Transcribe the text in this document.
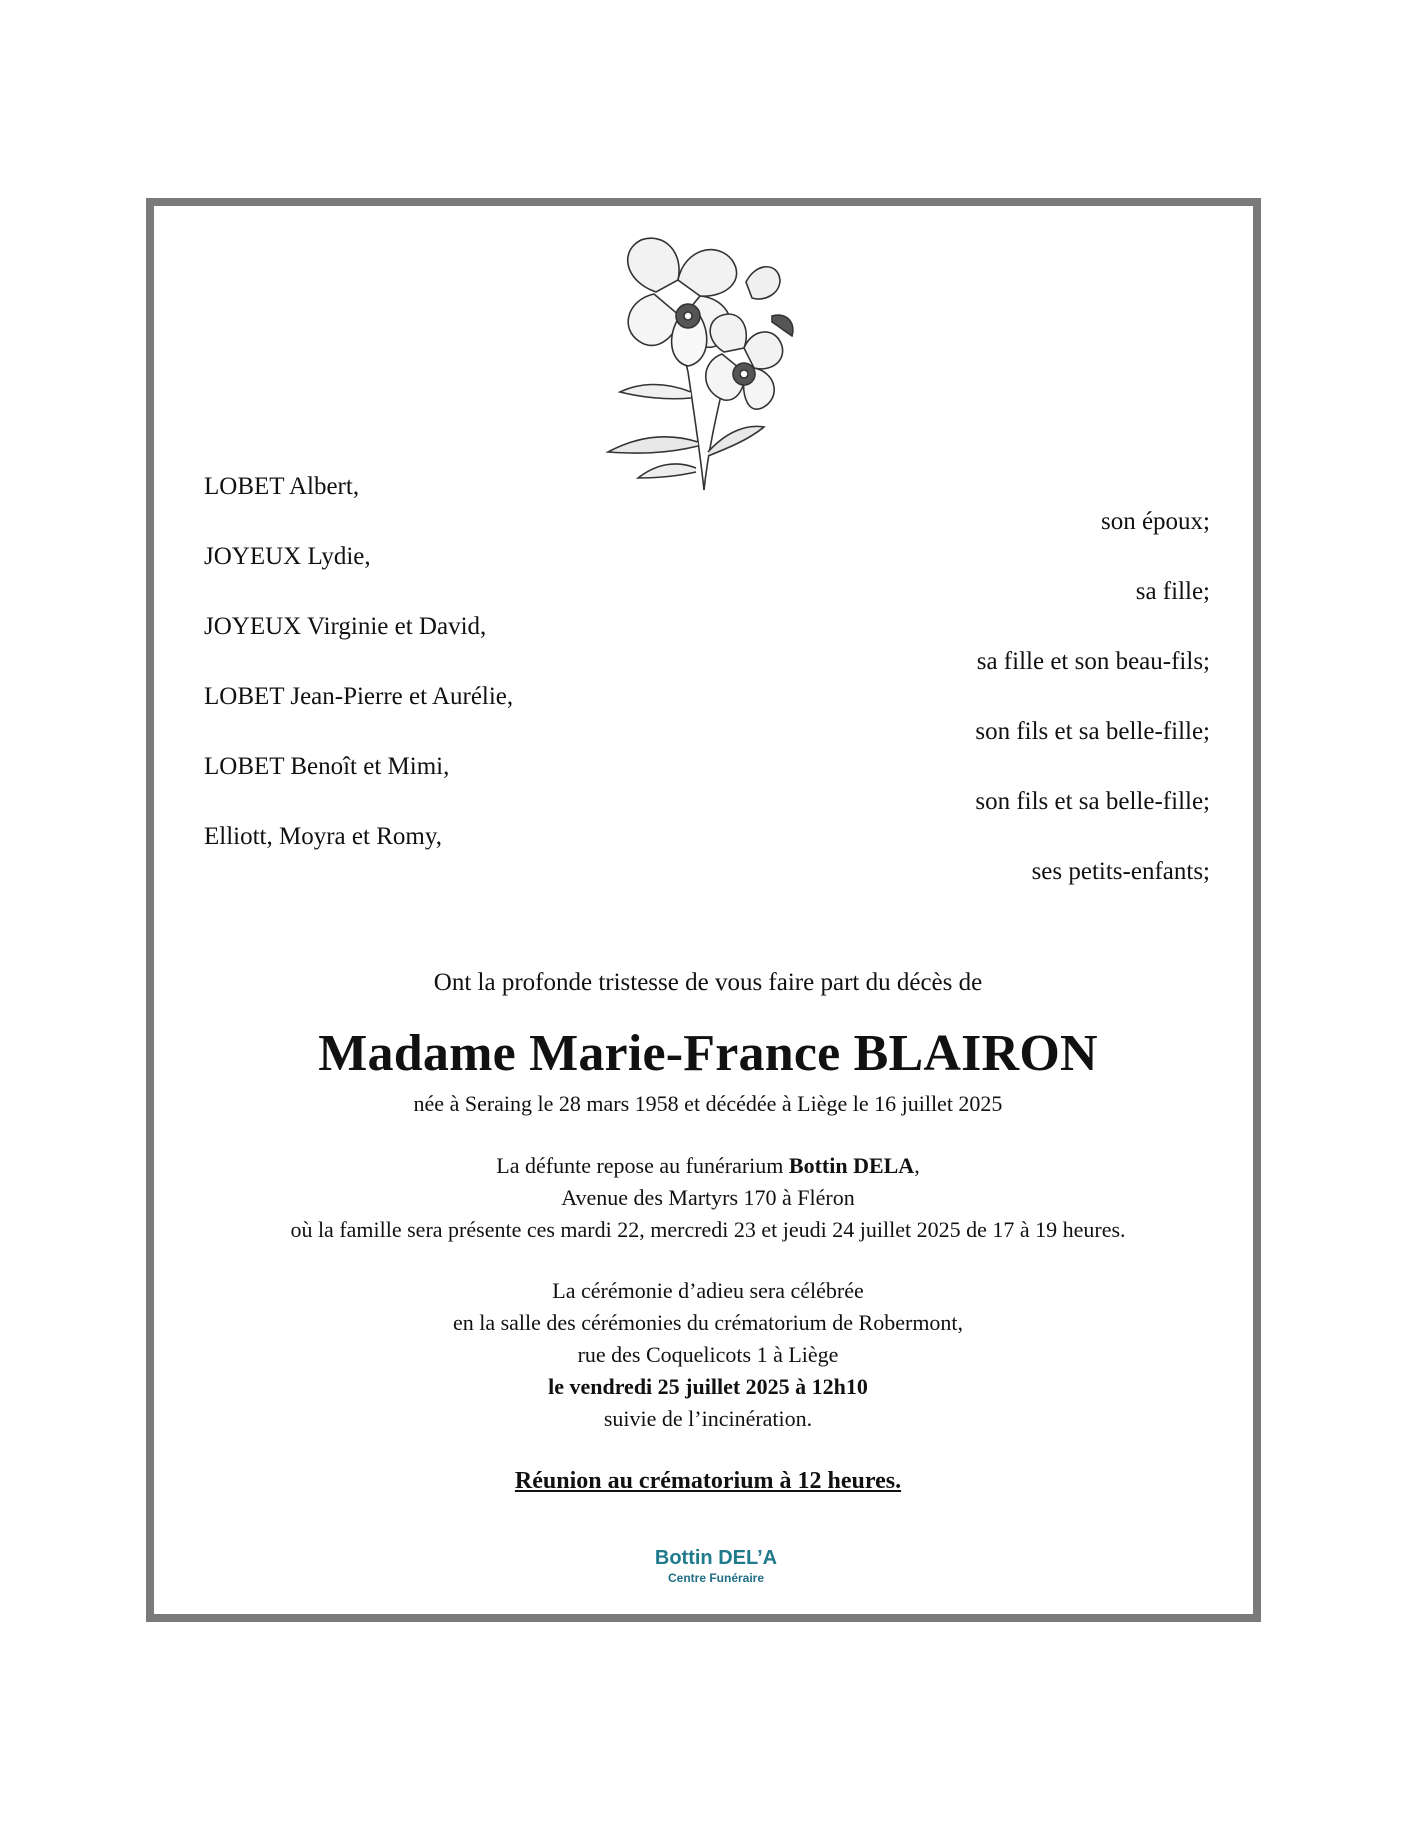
LOBET Albert,
son époux;
JOYEUX Lydie,
sa fille;
JOYEUX Virginie et David,
sa fille et son beau-fils;
LOBET Jean-Pierre et Aurélie,
son fils et sa belle-fille;
LOBET Benoît et Mimi,
son fils et sa belle-fille;
Elliott, Moyra et Romy,
ses petits-enfants;
Ont la profonde tristesse de vous faire part du décès de
Madame Marie-France BLAIRON
née à Seraing le 28 mars 1958 et décédée à Liège le 16 juillet 2025
La défunte repose au funérarium Bottin DELA,
Avenue des Martyrs 170 à Fléron
où la famille sera présente ces mardi 22, mercredi 23 et jeudi 24 juillet 2025 de 17 à 19 heures.
La cérémonie d’adieu sera célébrée
en la salle des cérémonies du crématorium de Robermont,
rue des Coquelicots 1 à Liège
le vendredi 25 juillet 2025 à 12h10
suivie de l’incinération.
Réunion au crématorium à 12 heures.
Bottin DEL’A
Centre Funéraire
